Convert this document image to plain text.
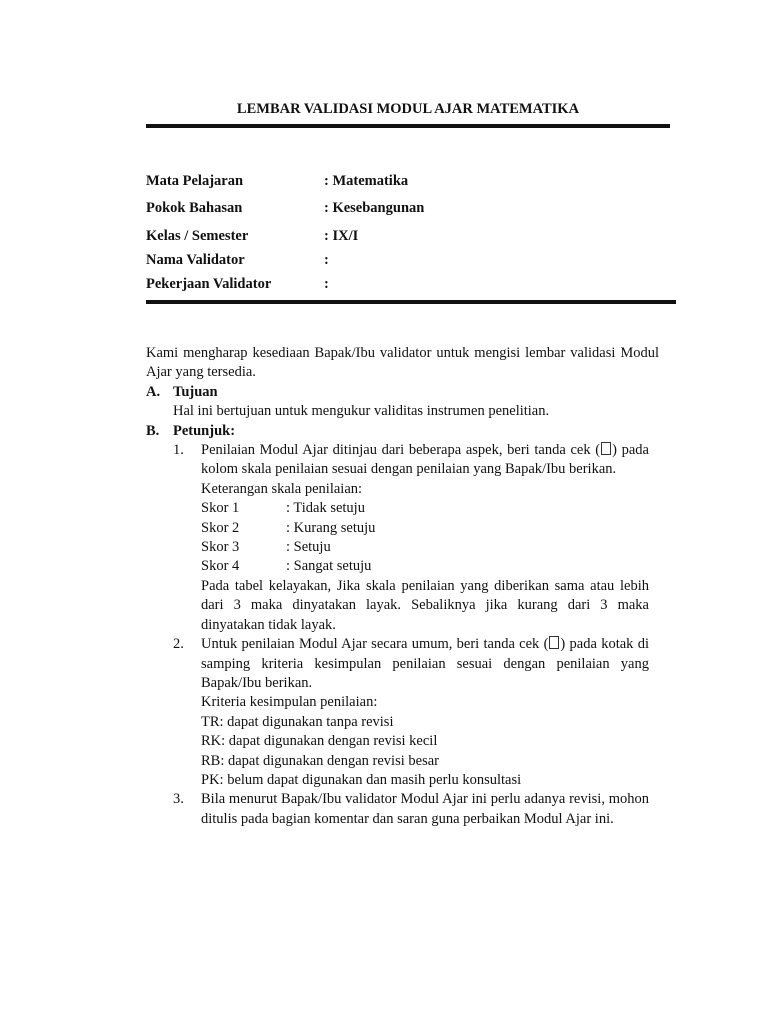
LEMBAR VALIDASI MODUL AJAR MATEMATIKA
Mata Pelajaran	: Matematika
Pokok Bahasan	: Kesebangunan
Kelas / Semester	: IX/I
Nama Validator	:
Pekerjaan Validator	:
Kami mengharap kesediaan Bapak/Ibu validator untuk mengisi lembar validasi Modul Ajar yang tersedia.
A. Tujuan
Hal ini bertujuan untuk mengukur validitas instrumen penelitian.
B. Petunjuk:
1.	Penilaian Modul Ajar ditinjau dari beberapa aspek, beri tanda cek ( ) pada kolom skala penilaian sesuai dengan penilaian yang Bapak/Ibu berikan.

Keterangan skala penilaian:

Skor 1	: Tidak setuju
Skor 2	: Kurang setuju
Skor 3	: Setuju
Skor 4	: Sangat setuju

Pada tabel kelayakan, Jika skala penilaian yang diberikan sama atau lebih dari 3 maka dinyatakan layak. Sebaliknya jika kurang dari 3 maka dinyatakan tidak layak.

2.	Untuk penilaian Modul Ajar secara umum, beri tanda cek ( ) pada kotak di samping kriteria kesimpulan penilaian sesuai dengan penilaian yang Bapak/Ibu berikan.

Kriteria kesimpulan penilaian:

TR: dapat digunakan tanpa revisi

RK: dapat digunakan dengan revisi kecil

RB: dapat digunakan dengan revisi besar

PK: belum dapat digunakan dan masih perlu konsultasi

3.	Bila menurut Bapak/Ibu validator Modul Ajar ini perlu adanya revisi, mohon ditulis pada bagian komentar dan saran guna perbaikan Modul Ajar ini.
